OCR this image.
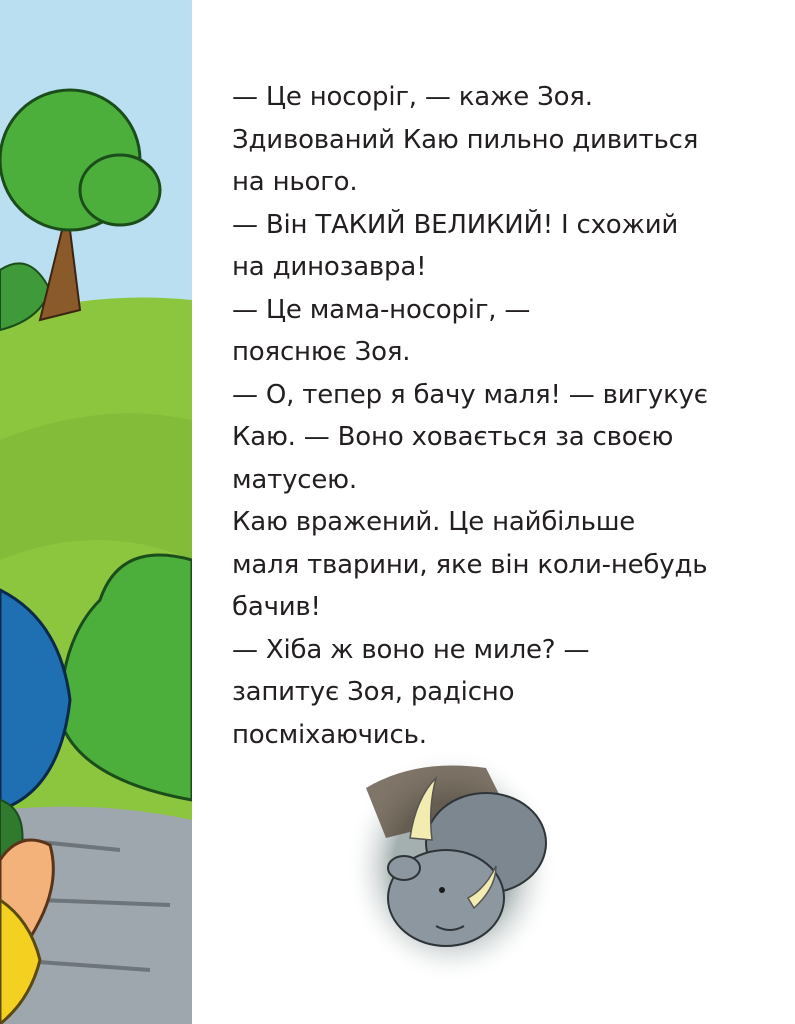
— Це носоріг, — каже Зоя.

Здивований Каю пильно дивиться

на нього.

— Він ТАКИЙ ВЕЛИКИЙ! І схожий

на динозавра!

— Це мама-носоріг, —

пояснює Зоя.

— О, тепер я бачу маля! — вигукує

Каю. — Воно ховається за своєю

матусею.

Каю вражений. Це найбільше

маля тварини, яке він коли-небудь

бачив!

— Хіба ж воно не миле? —

запитує Зоя, радісно

посміхаючись.
